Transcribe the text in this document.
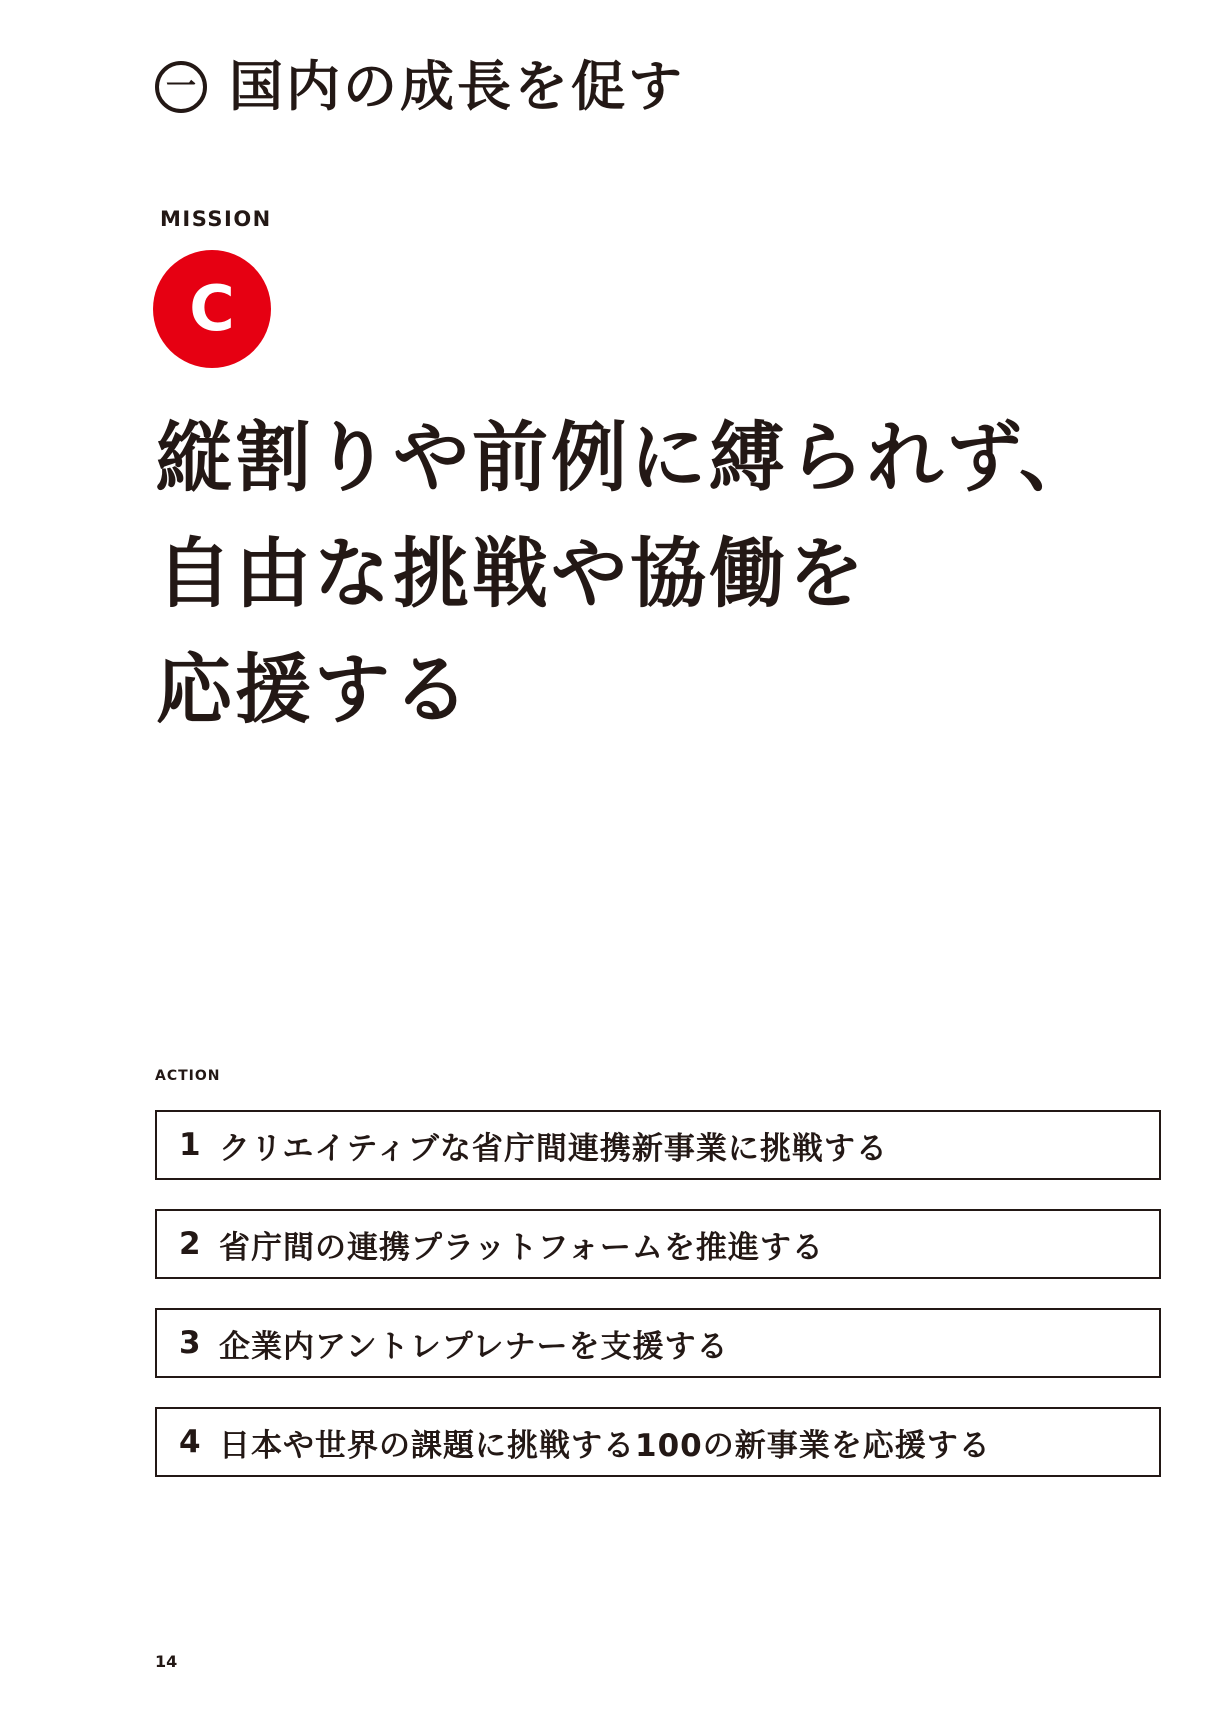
一 国内の成長を促す
MISSION
C
縦割りや前例に縛られず、
自由な挑戦や協働を
応援する
ACTION
1 クリエイティブな省庁間連携新事業に挑戦する
2 省庁間の連携プラットフォームを推進する
3 企業内アントレプレナーを支援する
4 日本や世界の課題に挑戦する100の新事業を応援する
14
